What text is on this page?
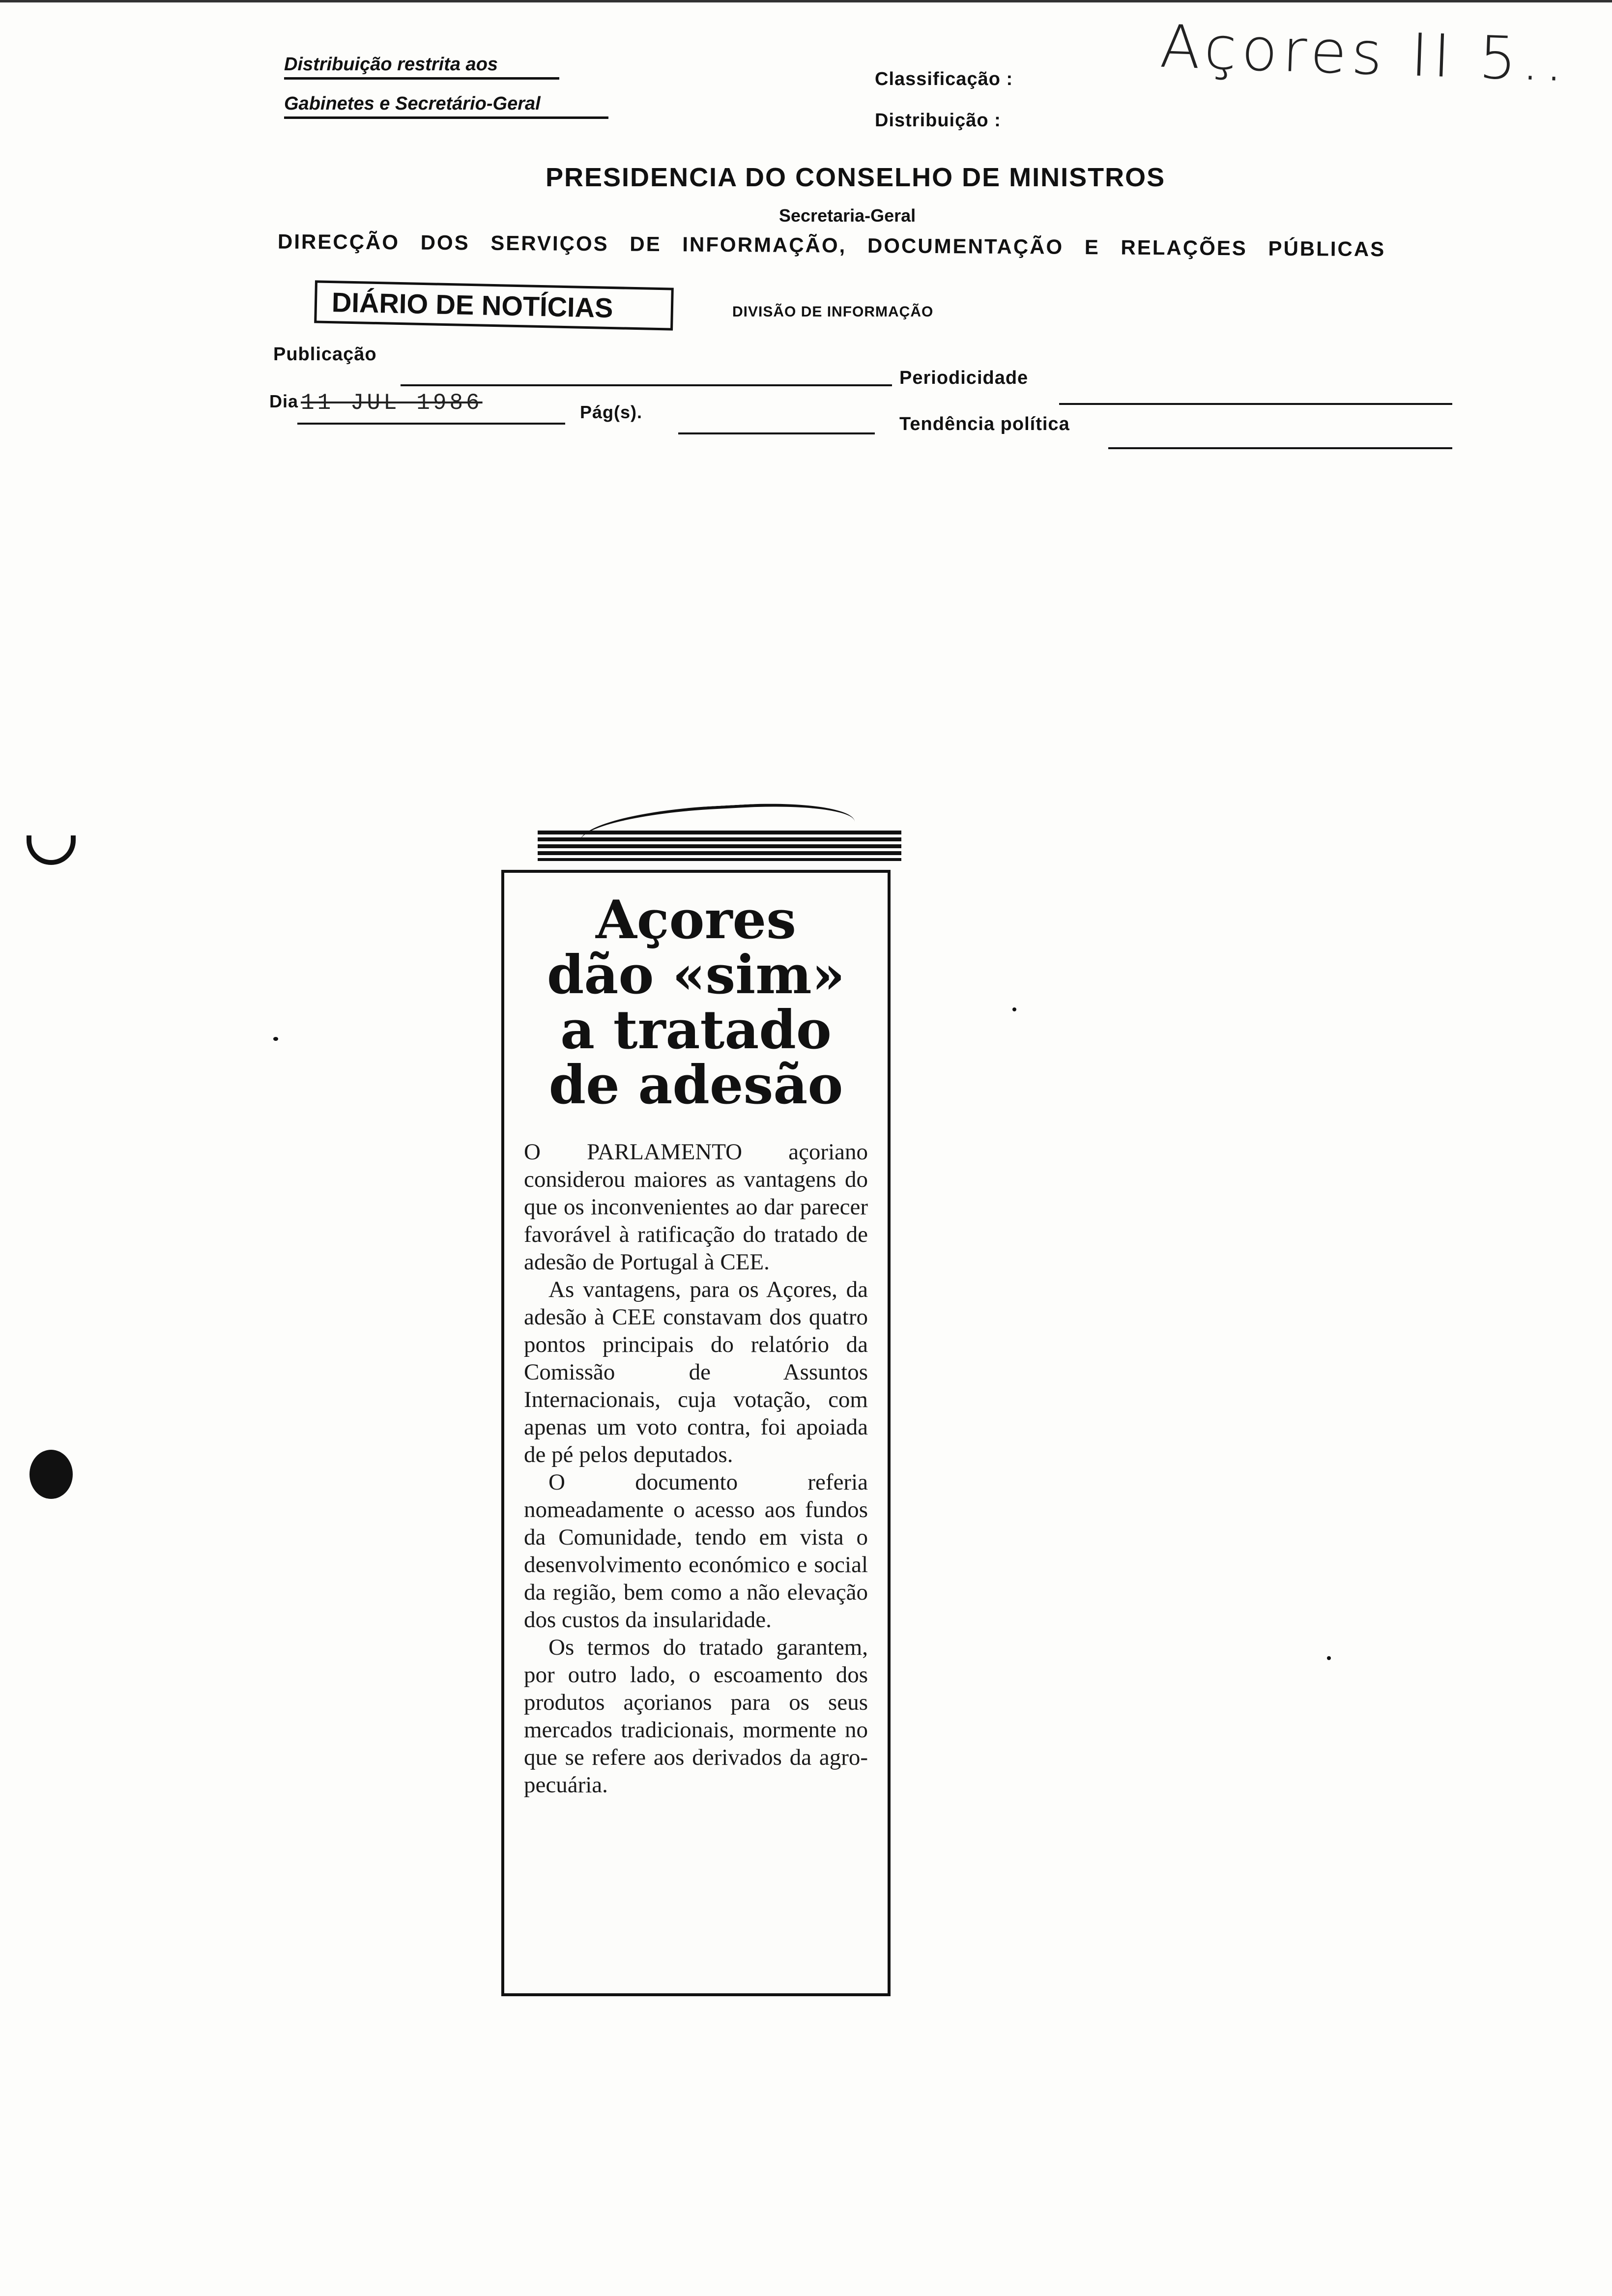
Distribuição restrita aos
Gabinetes e Secretário-Geral
Classificação :
Distribuição :
Açores II 5..
PRESIDENCIA DO CONSELHO DE MINISTROS
Secretaria-Geral
DIRECÇÃO DOS SERVIÇOS DE INFORMAÇÃO, DOCUMENTAÇÃO E RELAÇÕES PÚBLICAS
DIÁRIO DE NOTÍCIAS	DIVISÃO DE INFORMAÇÃO
Publicação
Periodicidade
Dia 11 JUL 1986	Pág(s).
Tendência política
Açores
dão «sim»
a tratado
de adesão

O PARLAMENTO açoriano considerou maiores as vantagens do que os inconvenientes ao dar parecer favorável à ratificação do tratado de adesão de Portugal à CEE.

As vantagens, para os Açores, da adesão à CEE constavam dos quatro pontos principais do relatório da Comissão de Assuntos Internacionais, cuja votação, com apenas um voto contra, foi apoiada de pé pelos deputados.

O documento referia nomeadamente o acesso aos fundos da Comunidade, tendo em vista o desenvolvimento económico e social da região, bem como a não elevação dos custos da insularidade.

Os termos do tratado garantem, por outro lado, o escoamento dos produtos açorianos para os seus mercados tradicionais, mormente no que se refere aos derivados da agro-pecuária.
